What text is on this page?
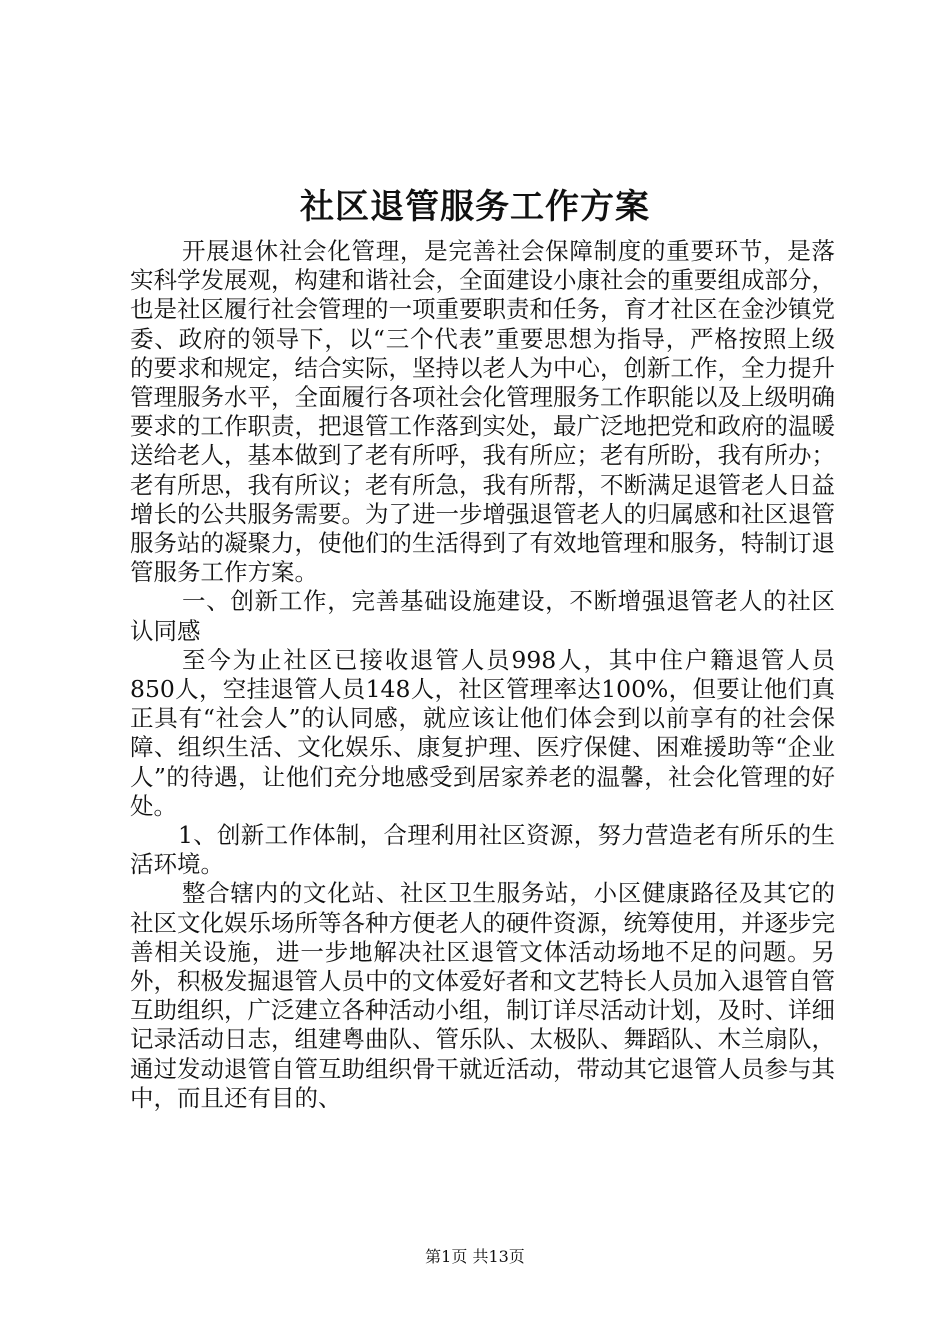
社区退管服务工作方案

开展退休社会化管理，是完善社会保障制度的重要环节，是落实科学发展观，构建和谐社会，全面建设小康社会的重要组成部分，也是社区履行社会管理的一项重要职责和任务，育才社区在金沙镇党委、政府的领导下，以“三个代表”重要思想为指导，严格按照上级的要求和规定，结合实际，坚持以老人为中心，创新工作，全力提升管理服务水平，全面履行各项社会化管理服务工作职能以及上级明确要求的工作职责，把退管工作落到实处，最广泛地把党和政府的温暖送给老人，基本做到了老有所呼，我有所应；老有所盼，我有所办；老有所思，我有所议；老有所急，我有所帮，不断满足退管老人日益增长的公共服务需要。为了进一步增强退管老人的归属感和社区退管服务站的凝聚力，使他们的生活得到了有效地管理和服务，特制订退管服务工作方案。

一、创新工作，完善基础设施建设，不断增强退管老人的社区认同感

至今为止社区已接收退管人员998人，其中住户籍退管人员850人，空挂退管人员148人，社区管理率达100%，但要让他们真正具有“社会人”的认同感，就应该让他们体会到以前享有的社会保障、组织生活、文化娱乐、康复护理、医疗保健、困难援助等“企业人”的待遇，让他们充分地感受到居家养老的温馨，社会化管理的好处。

1、创新工作体制，合理利用社区资源，努力营造老有所乐的生活环境。

整合辖内的文化站、社区卫生服务站，小区健康路径及其它的社区文化娱乐场所等各种方便老人的硬件资源，统筹使用，并逐步完善相关设施，进一步地解决社区退管文体活动场地不足的问题。另外，积极发掘退管人员中的文体爱好者和文艺特长人员加入退管自管互助组织，广泛建立各种活动小组，制订详尽活动计划，及时、详细记录活动日志，组建粤曲队、管乐队、太极队、舞蹈队、木兰扇队，通过发动退管自管互助组织骨干就近活动，带动其它退管人员参与其中，而且还有目的、

第1页 共13页
